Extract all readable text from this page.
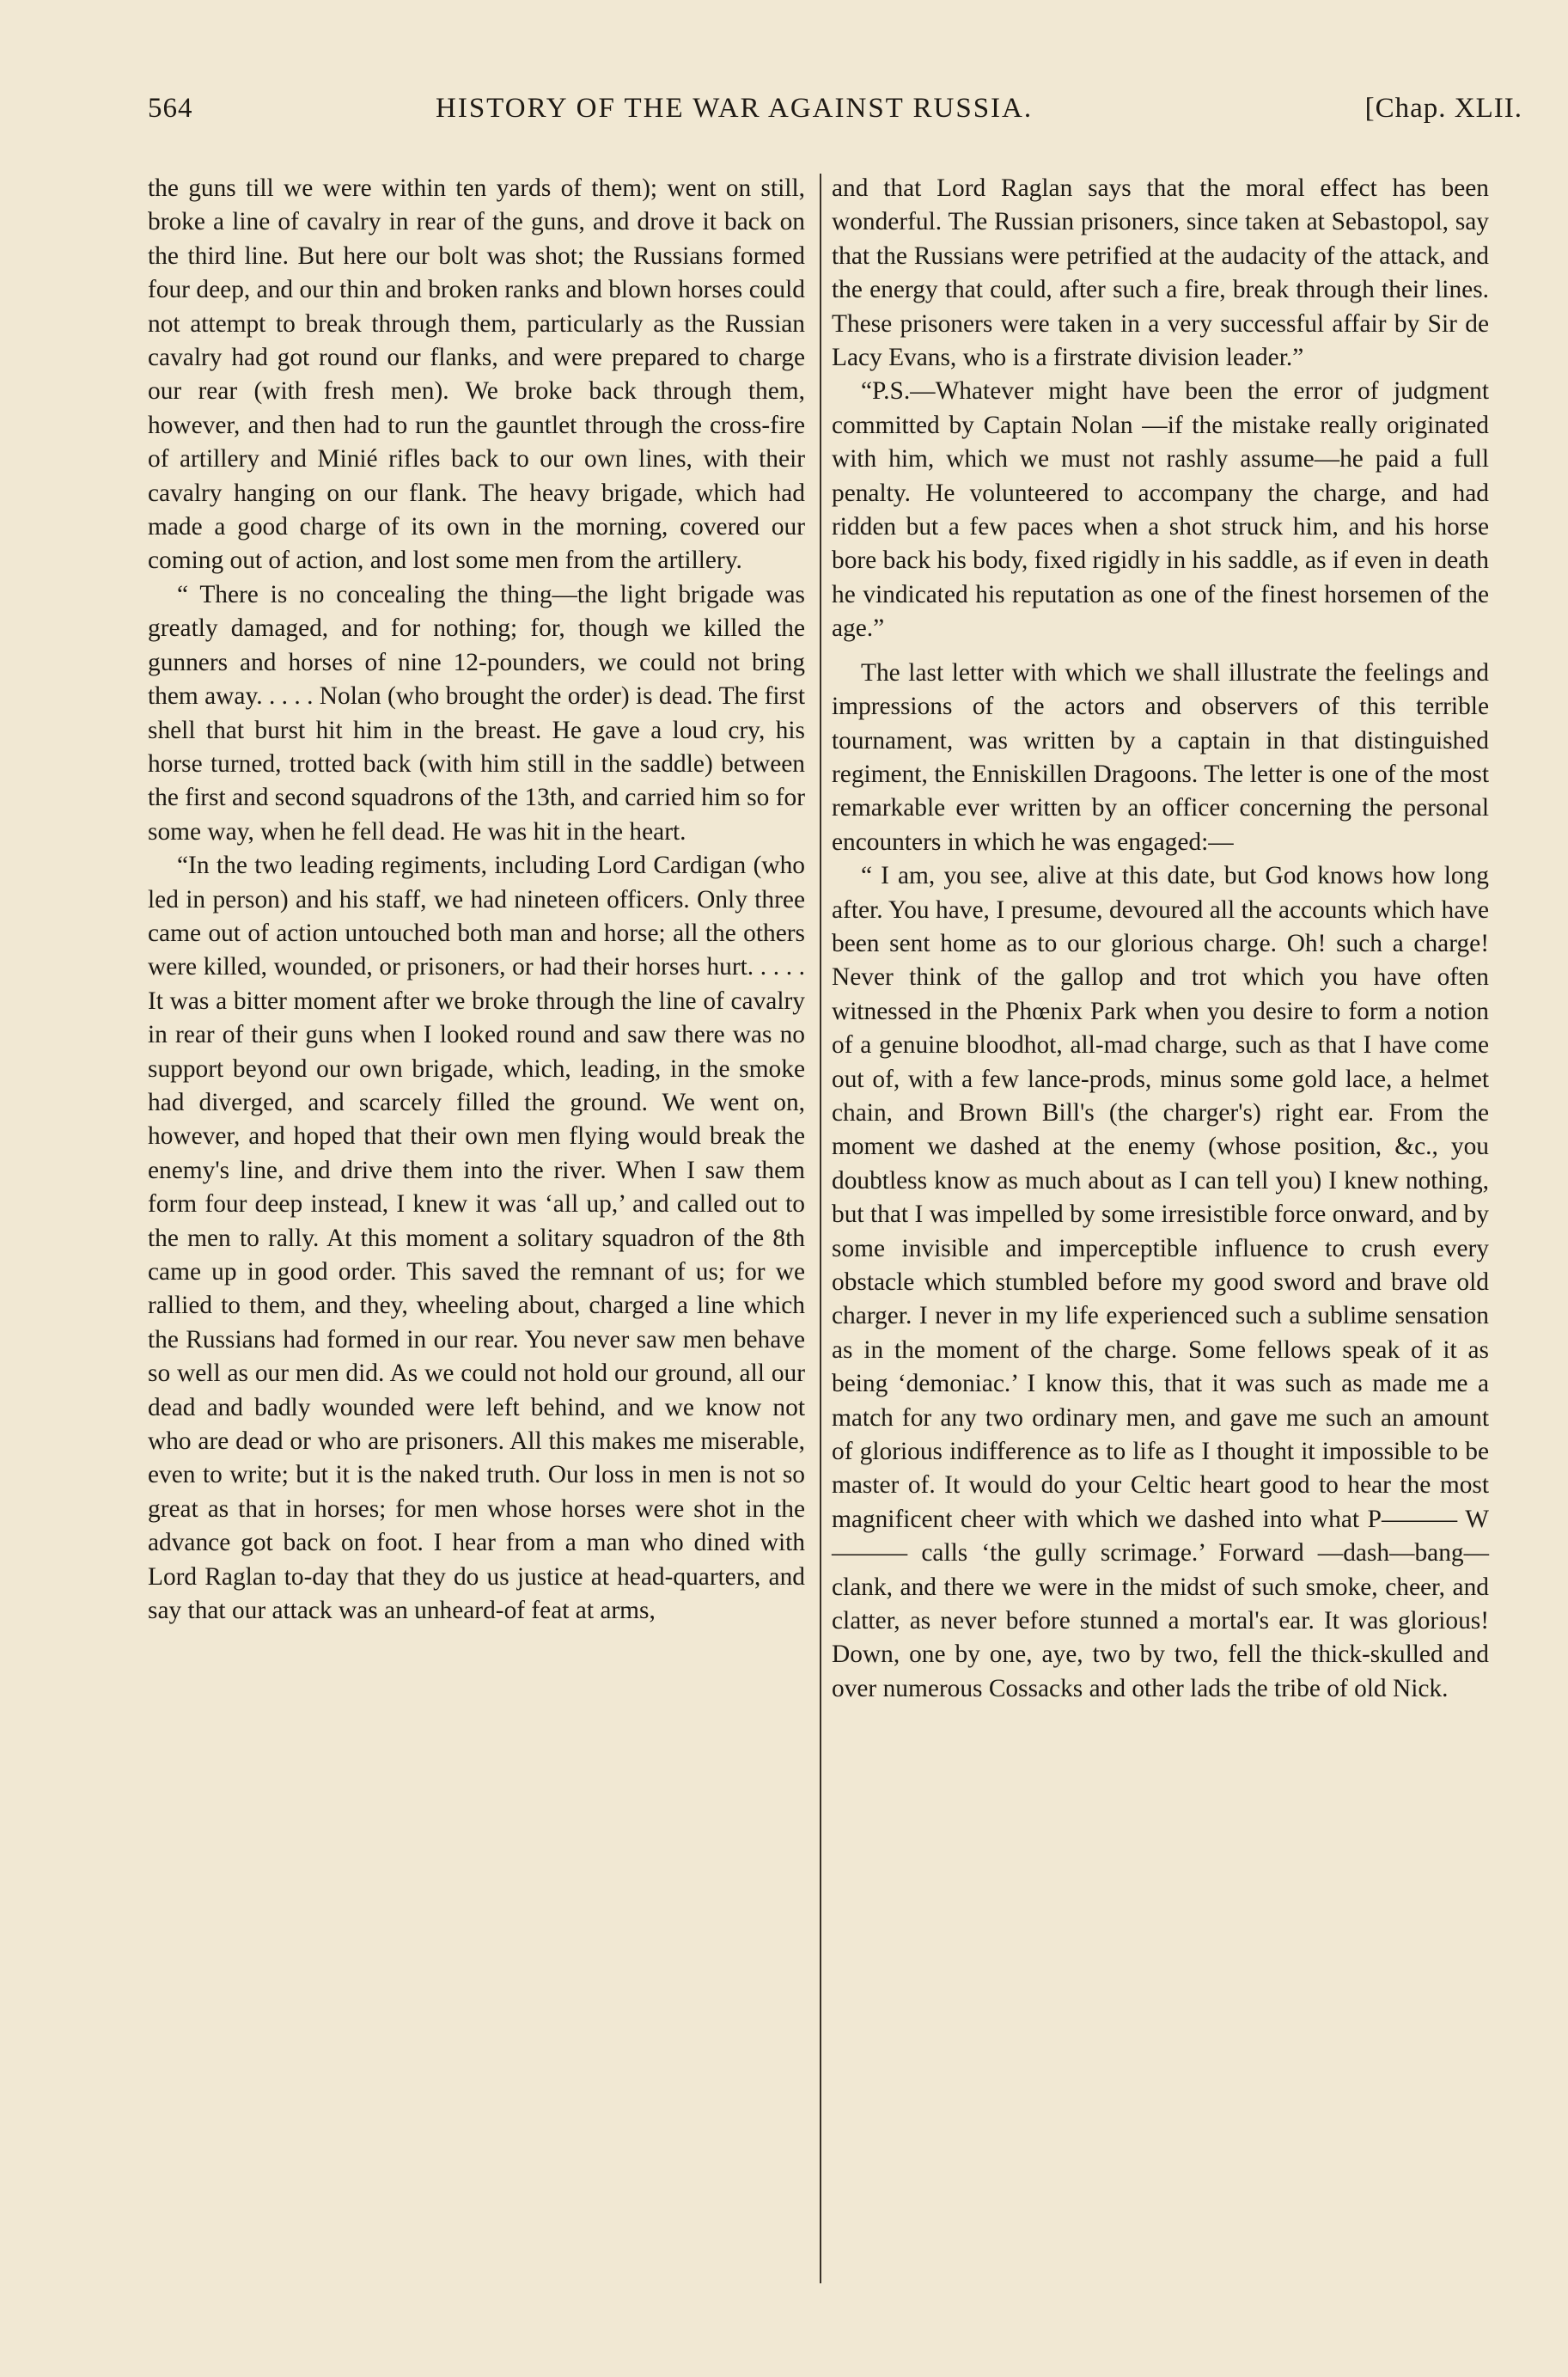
564	HISTORY OF THE WAR AGAINST RUSSIA.	[Chap. XLII.

the guns till we were within ten yards of them); went on still, broke a line of cavalry in rear of the guns, and drove it back on the third line. But here our bolt was shot; the Russians formed four deep, and our thin and broken ranks and blown horses could not attempt to break through them, particularly as the Russian cavalry had got round our flanks, and were prepared to charge our rear (with fresh men). We broke back through them, however, and then had to run the gauntlet through the cross-fire of artillery and Minié rifles back to our own lines, with their cavalry hanging on our flank. The heavy brigade, which had made a good charge of its own in the morning, covered our coming out of action, and lost some men from the artillery.

“ There is no concealing the thing—the light brigade was greatly damaged, and for nothing; for, though we killed the gunners and horses of nine 12-pounders, we could not bring them away. . . . . Nolan (who brought the order) is dead. The first shell that burst hit him in the breast. He gave a loud cry, his horse turned, trotted back (with him still in the saddle) between the first and second squadrons of the 13th, and carried him so for some way, when he fell dead. He was hit in the heart.

“In the two leading regiments, including Lord Cardigan (who led in person) and his staff, we had nineteen officers. Only three came out of action untouched both man and horse; all the others were killed, wounded, or prisoners, or had their horses hurt. . . . . It was a bitter moment after we broke through the line of cavalry in rear of their guns when I looked round and saw there was no support beyond our own brigade, which, leading, in the smoke had diverged, and scarcely filled the ground. We went on, however, and hoped that their own men flying would break the enemy's line, and drive them into the river. When I saw them form four deep instead, I knew it was ‘all up,’ and called out to the men to rally. At this moment a solitary squadron of the 8th came up in good order. This saved the remnant of us; for we rallied to them, and they, wheeling about, charged a line which the Russians had formed in our rear. You never saw men behave so well as our men did. As we could not hold our ground, all our dead and badly wounded were left behind, and we know not who are dead or who are prisoners. All this makes me miserable, even to write; but it is the naked truth. Our loss in men is not so great as that in horses; for men whose horses were shot in the advance got back on foot. I hear from a man who dined with Lord Raglan to-day that they do us justice at head-quarters, and say that our attack was an unheard-of feat at arms,

and that Lord Raglan says that the moral effect has been wonderful. The Russian prisoners, since taken at Sebastopol, say that the Russians were petrified at the audacity of the attack, and the energy that could, after such a fire, break through their lines. These prisoners were taken in a very successful affair by Sir de Lacy Evans, who is a firstrate division leader.”

“P.S.—Whatever might have been the error of judgment committed by Captain Nolan —if the mistake really originated with him, which we must not rashly assume—he paid a full penalty. He volunteered to accompany the charge, and had ridden but a few paces when a shot struck him, and his horse bore back his body, fixed rigidly in his saddle, as if even in death he vindicated his reputation as one of the finest horsemen of the age.”

The last letter with which we shall illustrate the feelings and impressions of the actors and observers of this terrible tournament, was written by a captain in that distinguished regiment, the Enniskillen Dragoons. The letter is one of the most remarkable ever written by an officer concerning the personal encounters in which he was engaged:—

“ I am, you see, alive at this date, but God knows how long after. You have, I presume, devoured all the accounts which have been sent home as to our glorious charge. Oh! such a charge! Never think of the gallop and trot which you have often witnessed in the Phœnix Park when you desire to form a notion of a genuine bloodhot, all-mad charge, such as that I have come out of, with a few lance-prods, minus some gold lace, a helmet chain, and Brown Bill's (the charger's) right ear. From the moment we dashed at the enemy (whose position, &c., you doubtless know as much about as I can tell you) I knew nothing, but that I was impelled by some irresistible force onward, and by some invisible and imperceptible influence to crush every obstacle which stumbled before my good sword and brave old charger. I never in my life experienced such a sublime sensation as in the moment of the charge. Some fellows speak of it as being ‘demoniac.’ I know this, that it was such as made me a match for any two ordinary men, and gave me such an amount of glorious indifference as to life as I thought it impossible to be master of. It would do your Celtic heart good to hear the most magnificent cheer with which we dashed into what P——— W——— calls ‘the gully scrimage.’ Forward —dash—bang—clank, and there we were in the midst of such smoke, cheer, and clatter, as never before stunned a mortal's ear. It was glorious! Down, one by one, aye, two by two, fell the thick-skulled and over numerous Cossacks and other lads the tribe of old Nick.
